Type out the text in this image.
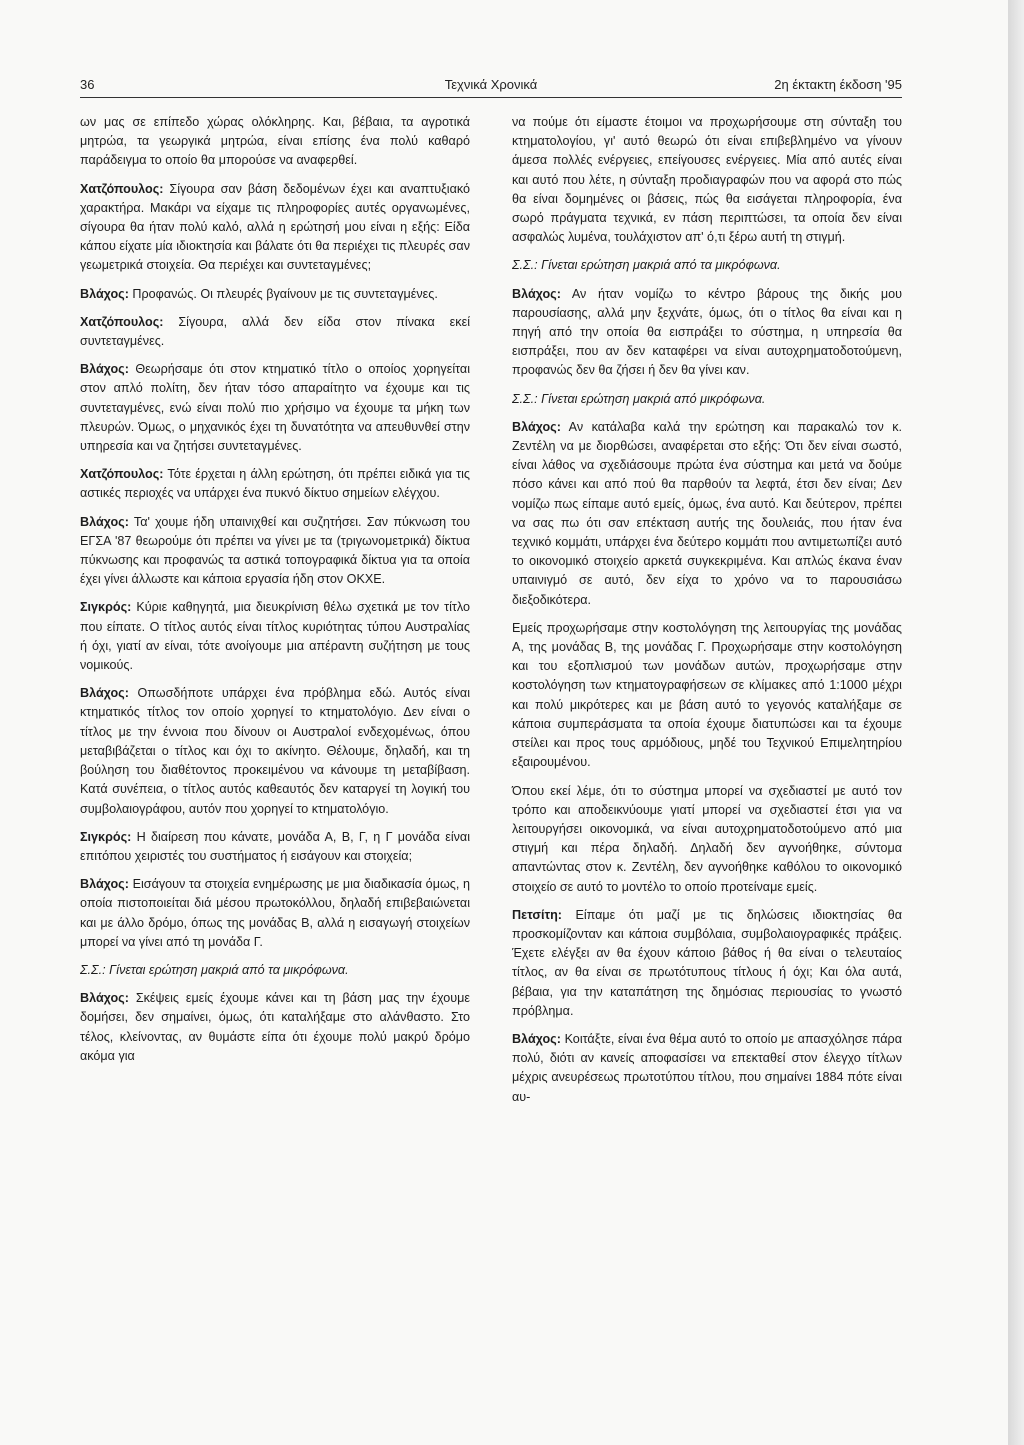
36	Τεχνικά Χρονικά	2η έκτακτη έκδοση '95

ων μας σε επίπεδο χώρας ολόκληρης. Και, βέβαια, τα αγροτικά μητρώα, τα γεωργικά μητρώα, είναι επίσης ένα πολύ καθαρό παράδειγμα το οποίο θα μπορούσε να αναφερθεί.

Χατζόπουλος: Σίγουρα σαν βάση δεδομένων έχει και αναπτυξιακό χαρακτήρα. Μακάρι να είχαμε τις πληροφορίες αυτές οργανωμένες, σίγουρα θα ήταν πολύ καλό, αλλά η ερώτησή μου είναι η εξής: Είδα κάπου είχατε μία ιδιοκτησία και βάλατε ότι θα περιέχει τις πλευρές σαν γεωμετρικά στοιχεία. Θα περιέχει και συντεταγμένες;

Βλάχος: Προφανώς. Οι πλευρές βγαίνουν με τις συντεταγμένες.

Χατζόπουλος: Σίγουρα, αλλά δεν είδα στον πίνακα εκεί συντεταγμένες.

Βλάχος: Θεωρήσαμε ότι στον κτηματικό τίτλο ο οποίος χορηγείται στον απλό πολίτη, δεν ήταν τόσο απαραίτητο να έχουμε και τις συντεταγμένες, ενώ είναι πολύ πιο χρήσιμο να έχουμε τα μήκη των πλευρών. Όμως, ο μηχανικός έχει τη δυνατότητα να απευθυνθεί στην υπηρεσία και να ζητήσει συντεταγμένες.

Χατζόπουλος: Τότε έρχεται η άλλη ερώτηση, ότι πρέπει ειδικά για τις αστικές περιοχές να υπάρχει ένα πυκνό δίκτυο σημείων ελέγχου.

Βλάχος: Τα' χουμε ήδη υπαινιχθεί και συζητήσει. Σαν πύκνωση του ΕΓΣΑ '87 θεωρούμε ότι πρέπει να γίνει με τα (τριγωνομετρικά) δίκτυα πύκνωσης και προφανώς τα αστικά τοπογραφικά δίκτυα για τα οποία έχει γίνει άλλωστε και κάποια εργασία ήδη στον ΟΚΧΕ.

Σιγκρός: Κύριε καθηγητά, μια διευκρίνιση θέλω σχετικά με τον τίτλο που είπατε. Ο τίτλος αυτός είναι τίτλος κυριότητας τύπου Αυστραλίας ή όχι, γιατί αν είναι, τότε ανοίγουμε μια απέραντη συζήτηση με τους νομικούς.

Βλάχος: Οπωσδήποτε υπάρχει ένα πρόβλημα εδώ. Αυτός είναι κτηματικός τίτλος τον οποίο χορηγεί το κτηματολόγιο. Δεν είναι ο τίτλος με την έννοια που δίνουν οι Αυστραλοί ενδεχομένως, όπου μεταβιβάζεται ο τίτλος και όχι το ακίνητο. Θέλουμε, δηλαδή, και τη βούληση του διαθέτοντος προκειμένου να κάνουμε τη μεταβίβαση. Κατά συνέπεια, ο τίτλος αυτός καθεαυτός δεν καταργεί τη λογική του συμβολαιογράφου, αυτόν που χορηγεί το κτηματολόγιο.

Σιγκρός: Η διαίρεση που κάνατε, μονάδα Α, Β, Γ, η Γ μονάδα είναι επιτόπου χειριστές του συστήματος ή εισάγουν και στοιχεία;

Βλάχος: Εισάγουν τα στοιχεία ενημέρωσης με μια διαδικασία όμως, η οποία πιστοποιείται διά μέσου πρωτοκόλλου, δηλαδή επιβεβαιώνεται και με άλλο δρόμο, όπως της μονάδας Β, αλλά η εισαγωγή στοιχείων μπορεί να γίνει από τη μονάδα Γ.

Σ.Σ.: Γίνεται ερώτηση μακριά από τα μικρόφωνα.

Βλάχος: Σκέψεις εμείς έχουμε κάνει και τη βάση μας την έχουμε δομήσει, δεν σημαίνει, όμως, ότι καταλήξαμε στο αλάνθαστο. Στο τέλος, κλείνοντας, αν θυμάστε είπα ότι έχουμε πολύ μακρύ δρόμο ακόμα για

να πούμε ότι είμαστε έτοιμοι να προχωρήσουμε στη σύνταξη του κτηματολογίου, γι' αυτό θεωρώ ότι είναι επιβεβλημένο να γίνουν άμεσα πολλές ενέργειες, επείγουσες ενέργειες. Μία από αυτές είναι και αυτό που λέτε, η σύνταξη προδιαγραφών που να αφορά στο πώς θα είναι δομημένες οι βάσεις, πώς θα εισάγεται πληροφορία, ένα σωρό πράγματα τεχνικά, εν πάση περιπτώσει, τα οποία δεν είναι ασφαλώς λυμένα, τουλάχιστον απ' ό,τι ξέρω αυτή τη στιγμή.

Σ.Σ.: Γίνεται ερώτηση μακριά από τα μικρόφωνα.

Βλάχος: Αν ήταν νομίζω το κέντρο βάρους της δικής μου παρουσίασης, αλλά μην ξεχνάτε, όμως, ότι ο τίτλος θα είναι και η πηγή από την οποία θα εισπράξει το σύστημα, η υπηρεσία θα εισπράξει, που αν δεν καταφέρει να είναι αυτοχρηματοδοτούμενη, προφανώς δεν θα ζήσει ή δεν θα γίνει καν.

Σ.Σ.: Γίνεται ερώτηση μακριά από μικρόφωνα.

Βλάχος: Αν κατάλαβα καλά την ερώτηση και παρακαλώ τον κ. Ζεντέλη να με διορθώσει, αναφέρεται στο εξής: Ότι δεν είναι σωστό, είναι λάθος να σχεδιάσουμε πρώτα ένα σύστημα και μετά να δούμε πόσο κάνει και από πού θα παρθούν τα λεφτά, έτσι δεν είναι; Δεν νομίζω πως είπαμε αυτό εμείς, όμως, ένα αυτό. Και δεύτερον, πρέπει να σας πω ότι σαν επέκταση αυτής της δουλειάς, που ήταν ένα τεχνικό κομμάτι, υπάρχει ένα δεύτερο κομμάτι που αντιμετωπίζει αυτό το οικονομικό στοιχείο αρκετά συγκεκριμένα. Και απλώς έκανα έναν υπαινιγμό σε αυτό, δεν είχα το χρόνο να το παρουσιάσω διεξοδικότερα.

Εμείς προχωρήσαμε στην κοστολόγηση της λειτουργίας της μονάδας Α, της μονάδας Β, της μονάδας Γ. Προχωρήσαμε στην κοστολόγηση και του εξοπλισμού των μονάδων αυτών, προχωρήσαμε στην κοστολόγηση των κτηματογραφήσεων σε κλίμακες από 1:1000 μέχρι και πολύ μικρότερες και με βάση αυτό το γεγονός καταλήξαμε σε κάποια συμπεράσματα τα οποία έχουμε διατυπώσει και τα έχουμε στείλει και προς τους αρμόδιους, μηδέ του Τεχνικού Επιμελητηρίου εξαιρουμένου.

Όπου εκεί λέμε, ότι το σύστημα μπορεί να σχεδιαστεί με αυτό τον τρόπο και αποδεικνύουμε γιατί μπορεί να σχεδιαστεί έτσι για να λειτουργήσει οικονομικά, να είναι αυτοχρηματοδοτούμενο από μια στιγμή και πέρα δηλαδή. Δηλαδή δεν αγνοήθηκε, σύντομα απαντώντας στον κ. Ζεντέλη, δεν αγνοήθηκε καθόλου το οικονομικό στοιχείο σε αυτό το μοντέλο το οποίο προτείναμε εμείς.

Πετσίτη: Είπαμε ότι μαζί με τις δηλώσεις ιδιοκτησίας θα προσκομίζονταν και κάποια συμβόλαια, συμβολαιογραφικές πράξεις. Έχετε ελέγξει αν θα έχουν κάποιο βάθος ή θα είναι ο τελευταίος τίτλος, αν θα είναι σε πρωτότυπους τίτλους ή όχι; Και όλα αυτά, βέβαια, για την καταπάτηση της δημόσιας περιουσίας το γνωστό πρόβλημα.

Βλάχος: Κοιτάξτε, είναι ένα θέμα αυτό το οποίο με απασχόλησε πάρα πολύ, διότι αν κανείς αποφασίσει να επεκταθεί στον έλεγχο τίτλων μέχρις ανευρέσεως πρωτοτύπου τίτλου, που σημαίνει 1884 πότε είναι αυ-
